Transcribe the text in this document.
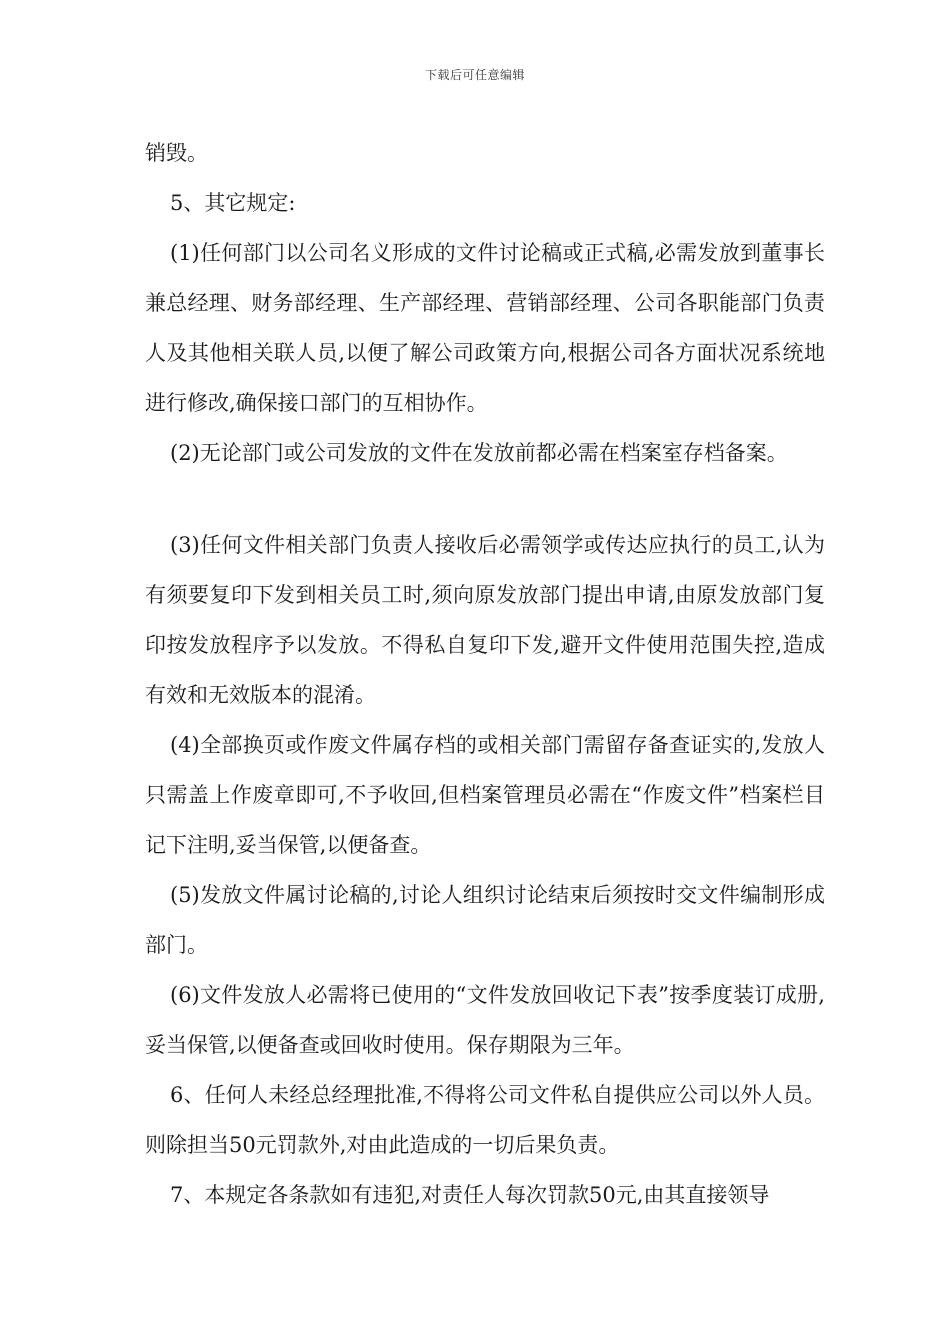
下载后可任意编辑

销毁。

5、其它规定:

(1)任何部门以公司名义形成的文件讨论稿或正式稿,必需发放到董事长兼总经理、财务部经理、生产部经理、营销部经理、公司各职能部门负责人及其他相关联人员,以便了解公司政策方向,根据公司各方面状况系统地进行修改,确保接口部门的互相协作。

(2)无论部门或公司发放的文件在发放前都必需在档案室存档备案。

(3)任何文件相关部门负责人接收后必需领学或传达应执行的员工,认为有须要复印下发到相关员工时,须向原发放部门提出申请,由原发放部门复印按发放程序予以发放。不得私自复印下发,避开文件使用范围失控,造成有效和无效版本的混淆。

(4)全部换页或作废文件属存档的或相关部门需留存备查证实的,发放人只需盖上作废章即可,不予收回,但档案管理员必需在“作废文件”档案栏目记下注明,妥当保管,以便备查。

(5)发放文件属讨论稿的,讨论人组织讨论结束后须按时交文件编制形成部门。

(6)文件发放人必需将已使用的“文件发放回收记下表”按季度装订成册,妥当保管,以便备查或回收时使用。保存期限为三年。

6、任何人未经总经理批准,不得将公司文件私自提供应公司以外人员。则除担当50元罚款外,对由此造成的一切后果负责。

7、本规定各条款如有违犯,对责任人每次罚款50元,由其直接领导
